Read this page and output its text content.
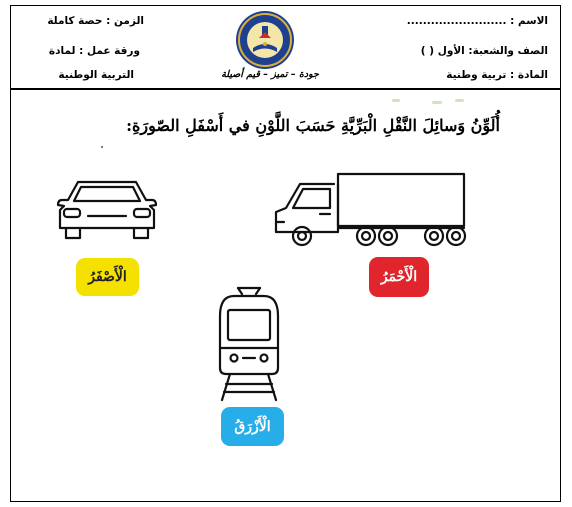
الاسم : .........................
الصف والشعبة: الأول ( )
المادة : تربية وطنية
الزمن : حصة كاملة
ورقة عمل : لمادة
التربية الوطنية	جودة – تميز – قيم أصيلة
أُلَوِّنُ وَسائِلَ النَّقْلِ الْبَرِّيَّةِ حَسَبَ اللَّوْنِ في أَسْفَلِ الصّورَةِ:
الْأَصْفَرُ	الْأَحْمَرُ
الْأَزْرَقُ
